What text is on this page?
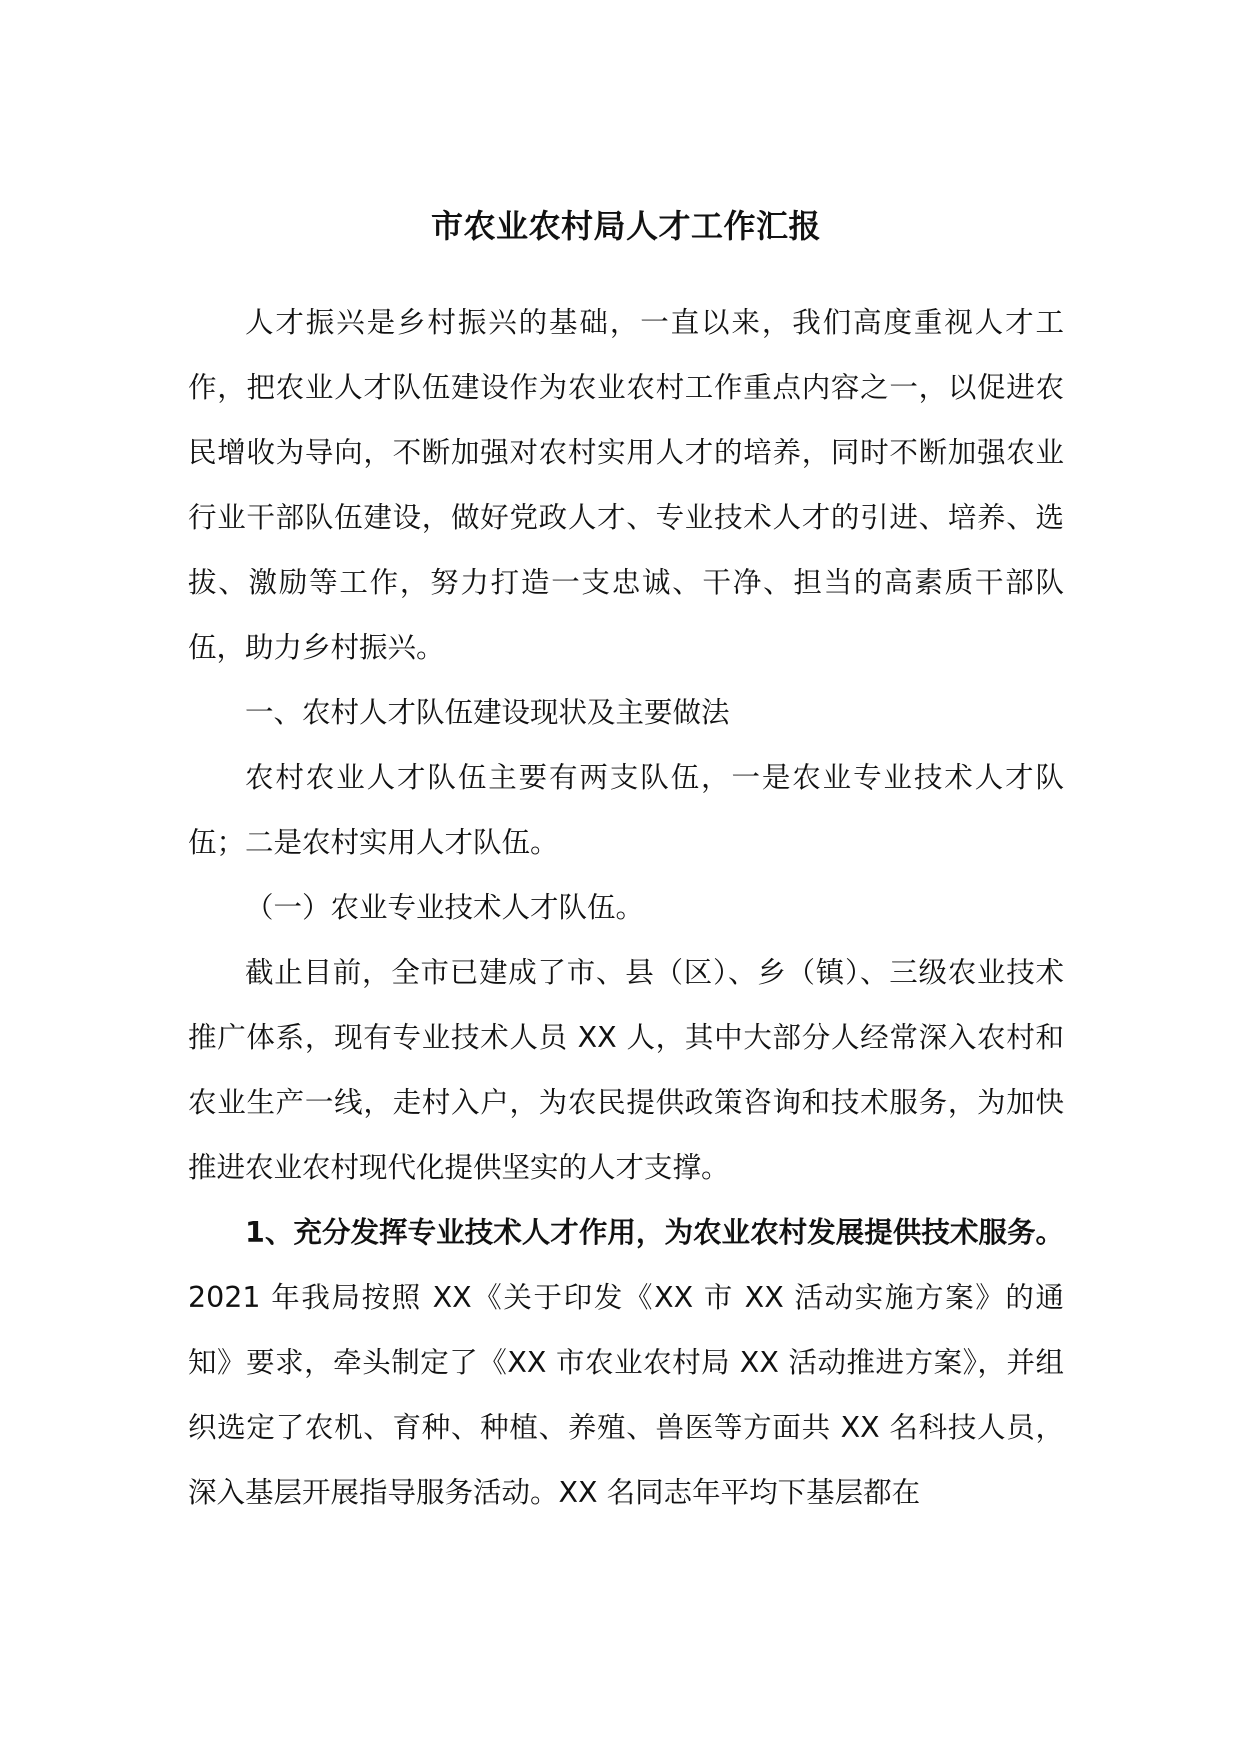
市农业农村局人才工作汇报

人才振兴是乡村振兴的基础，一直以来，我们高度重视人才工作，把农业人才队伍建设作为农业农村工作重点内容之一，以促进农民增收为导向，不断加强对农村实用人才的培养，同时不断加强农业行业干部队伍建设，做好党政人才、专业技术人才的引进、培养、选拔、激励等工作，努力打造一支忠诚、干净、担当的高素质干部队伍，助力乡村振兴。

一、农村人才队伍建设现状及主要做法

农村农业人才队伍主要有两支队伍，一是农业专业技术人才队伍；二是农村实用人才队伍。

（一）农业专业技术人才队伍。

截止目前，全市已建成了市、县（区）、乡（镇）、三级农业技术推广体系，现有专业技术人员 XX 人，其中大部分人经常深入农村和农业生产一线，走村入户，为农民提供政策咨询和技术服务，为加快推进农业农村现代化提供坚实的人才支撑。

1、充分发挥专业技术人才作用，为农业农村发展提供技术服务。2021 年我局按照 XX《关于印发《XX 市 XX 活动实施方案》的通知》要求，牵头制定了《XX 市农业农村局 XX 活动推进方案》，并组织选定了农机、育种、种植、养殖、兽医等方面共 XX 名科技人员，深入基层开展指导服务活动。XX 名同志年平均下基层都在
